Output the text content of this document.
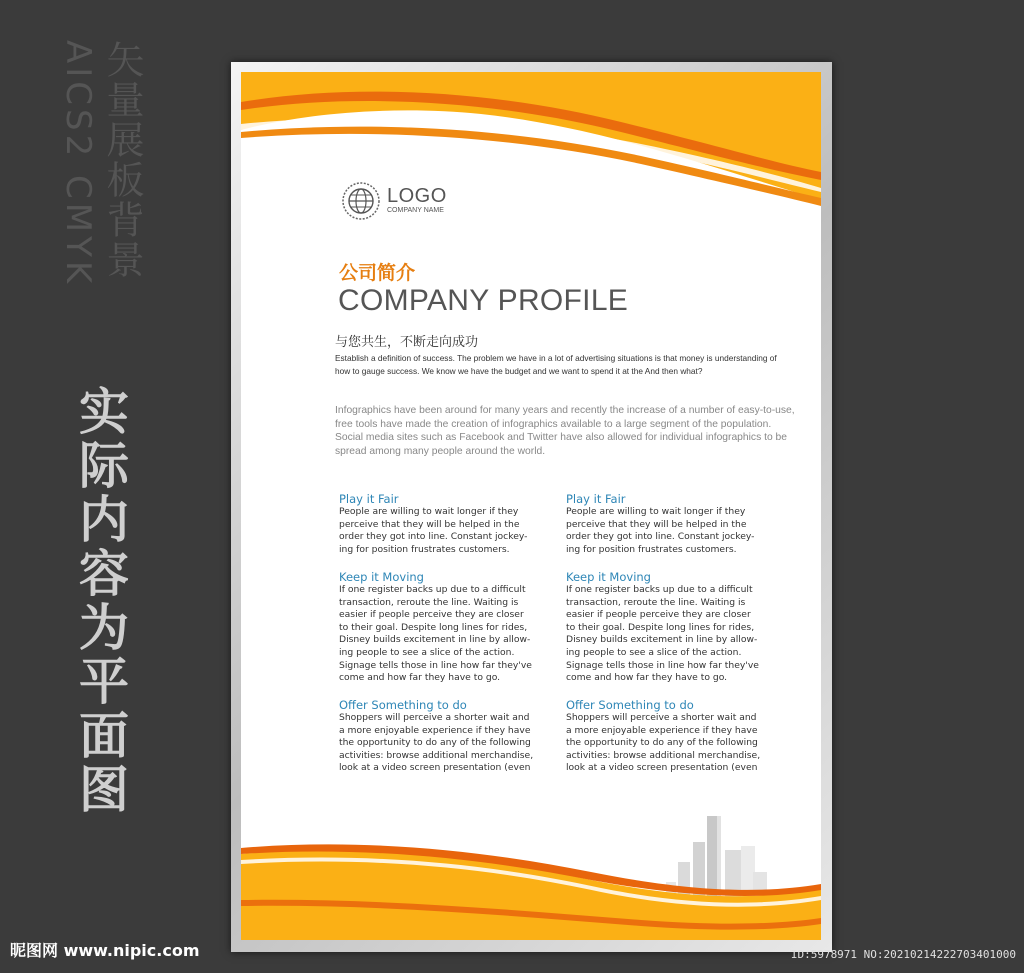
矢量展板背景
AICS2 CMYK
实际内容为平面图
LOGO
COMPANY NAME
公司简介
COMPANY PROFILE
与您共生，不断走向成功
Establish a definition of success. The problem we have in a lot of advertising situations is that money is understanding of how to gauge success. We know we have the budget and we want to spend it at the And then what?
Infographics have been around for many years and recently the increase of a number of easy-to-use, free tools have made the creation of infographics available to a large segment of the population. Social media sites such as Facebook and Twitter have also allowed for individual infographics to be spread among many people around the world.
Play it Fair
People are willing to wait longer if they
perceive that they will be helped in the
order they got into line. Constant jockey-
ing for position frustrates customers.
Keep it Moving
If one register backs up due to a difficult
transaction, reroute the line. Waiting is
easier if people perceive they are closer
to their goal. Despite long lines for rides,
Disney builds excitement in line by allow-
ing people to see a slice of the action.
Signage tells those in line how far they've
come and how far they have to go.
Offer Something to do
Shoppers will perceive a shorter wait and
a more enjoyable experience if they have
the opportunity to do any of the following
activities: browse additional merchandise,
look at a video screen presentation (even
Play it Fair
People are willing to wait longer if they
perceive that they will be helped in the
order they got into line. Constant jockey-
ing for position frustrates customers.
Keep it Moving
If one register backs up due to a difficult
transaction, reroute the line. Waiting is
easier if people perceive they are closer
to their goal. Despite long lines for rides,
Disney builds excitement in line by allow-
ing people to see a slice of the action.
Signage tells those in line how far they've
come and how far they have to go.
Offer Something to do
Shoppers will perceive a shorter wait and
a more enjoyable experience if they have
the opportunity to do any of the following
activities: browse additional merchandise,
look at a video screen presentation (even
昵图网 www.nipic.com	ID:5978971 NO:20210214222703401000
